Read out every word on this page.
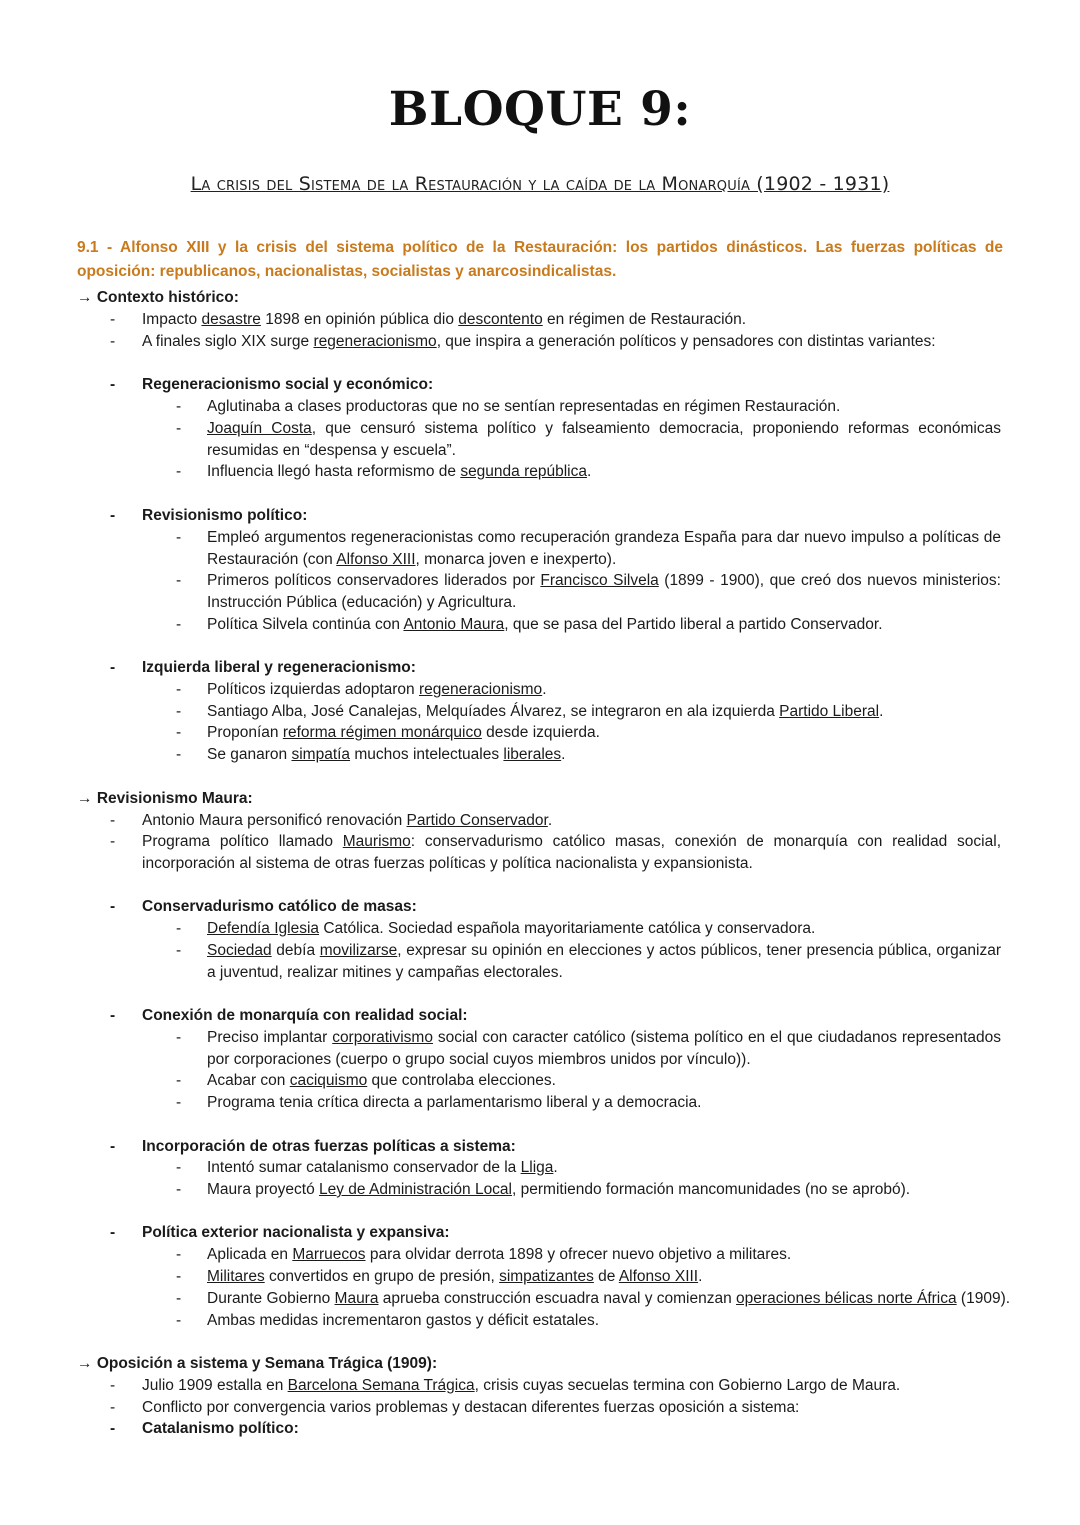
BLOQUE 9:
La crisis del Sistema de la Restauración y la caída de la Monarquía (1902 - 1931)
9.1 - Alfonso XIII y la crisis del sistema político de la Restauración: los partidos dinásticos. Las fuerzas políticas de oposición: republicanos, nacionalistas, socialistas y anarcosindicalistas.
→ Contexto histórico:
- Impacto desastre 1898 en opinión pública dio descontento en régimen de Restauración.
- A finales siglo XIX surge regeneracionismo, que inspira a generación políticos y pensadores con distintas variantes:
- Regeneracionismo social y económico:
- Aglutinaba a clases productoras que no se sentían representadas en régimen Restauración.
- Joaquín Costa, que censuró sistema político y falseamiento democracia, proponiendo reformas económicas resumidas en “despensa y escuela”.
- Influencia llegó hasta reformismo de segunda república.
- Revisionismo político:
- Empleó argumentos regeneracionistas como recuperación grandeza España para dar nuevo impulso a políticas de Restauración (con Alfonso XIII, monarca joven e inexperto).
- Primeros políticos conservadores liderados por Francisco Silvela (1899 - 1900), que creó dos nuevos ministerios: Instrucción Pública (educación) y Agricultura.
- Política Silvela continúa con Antonio Maura, que se pasa del Partido liberal a partido Conservador.
- Izquierda liberal y regeneracionismo:
- Políticos izquierdas adoptaron regeneracionismo.
- Santiago Alba, José Canalejas, Melquíades Álvarez, se integraron en ala izquierda Partido Liberal.
- Proponían reforma régimen monárquico desde izquierda.
- Se ganaron simpatía muchos intelectuales liberales.
→ Revisionismo Maura:
- Antonio Maura personificó renovación Partido Conservador.
- Programa político llamado Maurismo: conservadurismo católico masas, conexión de monarquía con realidad social, incorporación al sistema de otras fuerzas políticas y política nacionalista y expansionista.
- Conservadurismo católico de masas:
- Defendía Iglesia Católica. Sociedad española mayoritariamente católica y conservadora.
- Sociedad debía movilizarse, expresar su opinión en elecciones y actos públicos, tener presencia pública, organizar a juventud, realizar mitines y campañas electorales.
- Conexión de monarquía con realidad social:
- Preciso implantar corporativismo social con caracter católico (sistema político en el que ciudadanos representados por corporaciones (cuerpo o grupo social cuyos miembros unidos por vínculo)).
- Acabar con caciquismo que controlaba elecciones.
- Programa tenia crítica directa a parlamentarismo liberal y a democracia.
- Incorporación de otras fuerzas políticas a sistema:
- Intentó sumar catalanismo conservador de la Lliga.
- Maura proyectó Ley de Administración Local, permitiendo formación mancomunidades (no se aprobó).
- Política exterior nacionalista y expansiva:
- Aplicada en Marruecos para olvidar derrota 1898 y ofrecer nuevo objetivo a militares.
- Militares convertidos en grupo de presión, simpatizantes de Alfonso XIII.
- Durante Gobierno Maura aprueba construcción escuadra naval y comienzan operaciones bélicas norte África (1909).
- Ambas medidas incrementaron gastos y déficit estatales.
→ Oposición a sistema y Semana Trágica (1909):
- Julio 1909 estalla en Barcelona Semana Trágica, crisis cuyas secuelas termina con Gobierno Largo de Maura.
- Conflicto por convergencia varios problemas y destacan diferentes fuerzas oposición a sistema:
- Catalanismo político:
